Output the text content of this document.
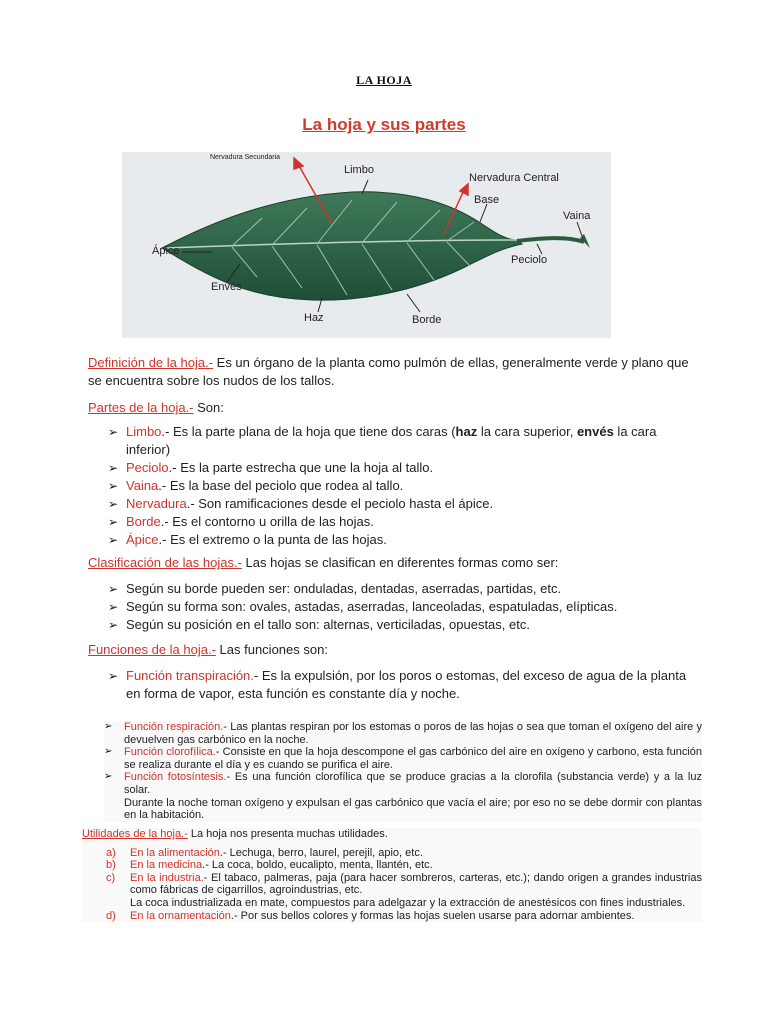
LA HOJA
La hoja y sus partes
Nervadura Secundaria
Limbo
Nervadura Central
Base
Vaina
Ápice
Peciolo
Envés
Haz	Borde
Definición de la hoja.- Es un órgano de la planta como pulmón de ellas, generalmente verde y plano que se encuentra sobre los nudos de los tallos.
Partes de la hoja.- Son:
➢ Limbo.- Es la parte plana de la hoja que tiene dos caras (haz la cara superior, envés la cara inferior)
➢ Peciolo.- Es la parte estrecha que une la hoja al tallo.
➢ Vaina.- Es la base del peciolo que rodea al tallo.
➢ Nervadura.- Son ramificaciones desde el peciolo hasta el ápice.
➢ Borde.- Es el contorno u orilla de las hojas.
➢ Ápice.- Es el extremo o la punta de las hojas.
Clasificación de las hojas.- Las hojas se clasifican en diferentes formas como ser:
➢ Según su borde pueden ser: onduladas, dentadas, aserradas, partidas, etc.
➢ Según su forma son: ovales, astadas, aserradas, lanceoladas, espatuladas, elípticas.
➢ Según su posición en el tallo son: alternas, verticiladas, opuestas, etc.
Funciones de la hoja.- Las funciones son:
➢ Función transpiración.- Es la expulsión, por los poros o estomas, del exceso de agua de la planta en forma de vapor, esta función es constante día y noche.
➢ Función respiración.- Las plantas respiran por los estomas o poros de las hojas o sea que toman el oxígeno del aire y devuelven gas carbónico en la noche.
➢ Función clorofílica.- Consiste en que la hoja descompone el gas carbónico del aire en oxígeno y carbono, esta función se realiza durante el día y es cuando se purifica el aire.
➢ Función fotosíntesis.- Es una función clorofílica que se produce gracias a la clorofila (substancia verde) y a la luz solar.
Durante la noche toman oxígeno y expulsan el gas carbónico que vacía el aire; por eso no se debe dormir con plantas en la habitación.
Utilidades de la hoja.- La hoja nos presenta muchas utilidades.
a) En la alimentación.- Lechuga, berro, laurel, perejil, apio, etc.
b) En la medicina.- La coca, boldo, eucalipto, menta, llantén, etc.
c) En la industria.- El tabaco, palmeras, paja (para hacer sombreros, carteras, etc.); dando origen a grandes industrias como fábricas de cigarrillos, agroindustrias, etc.
La coca industrializada en mate, compuestos para adelgazar y la extracción de anestésicos con fines industriales.
d) En la ornamentación.- Por sus bellos colores y formas las hojas suelen usarse para adornar ambientes.
